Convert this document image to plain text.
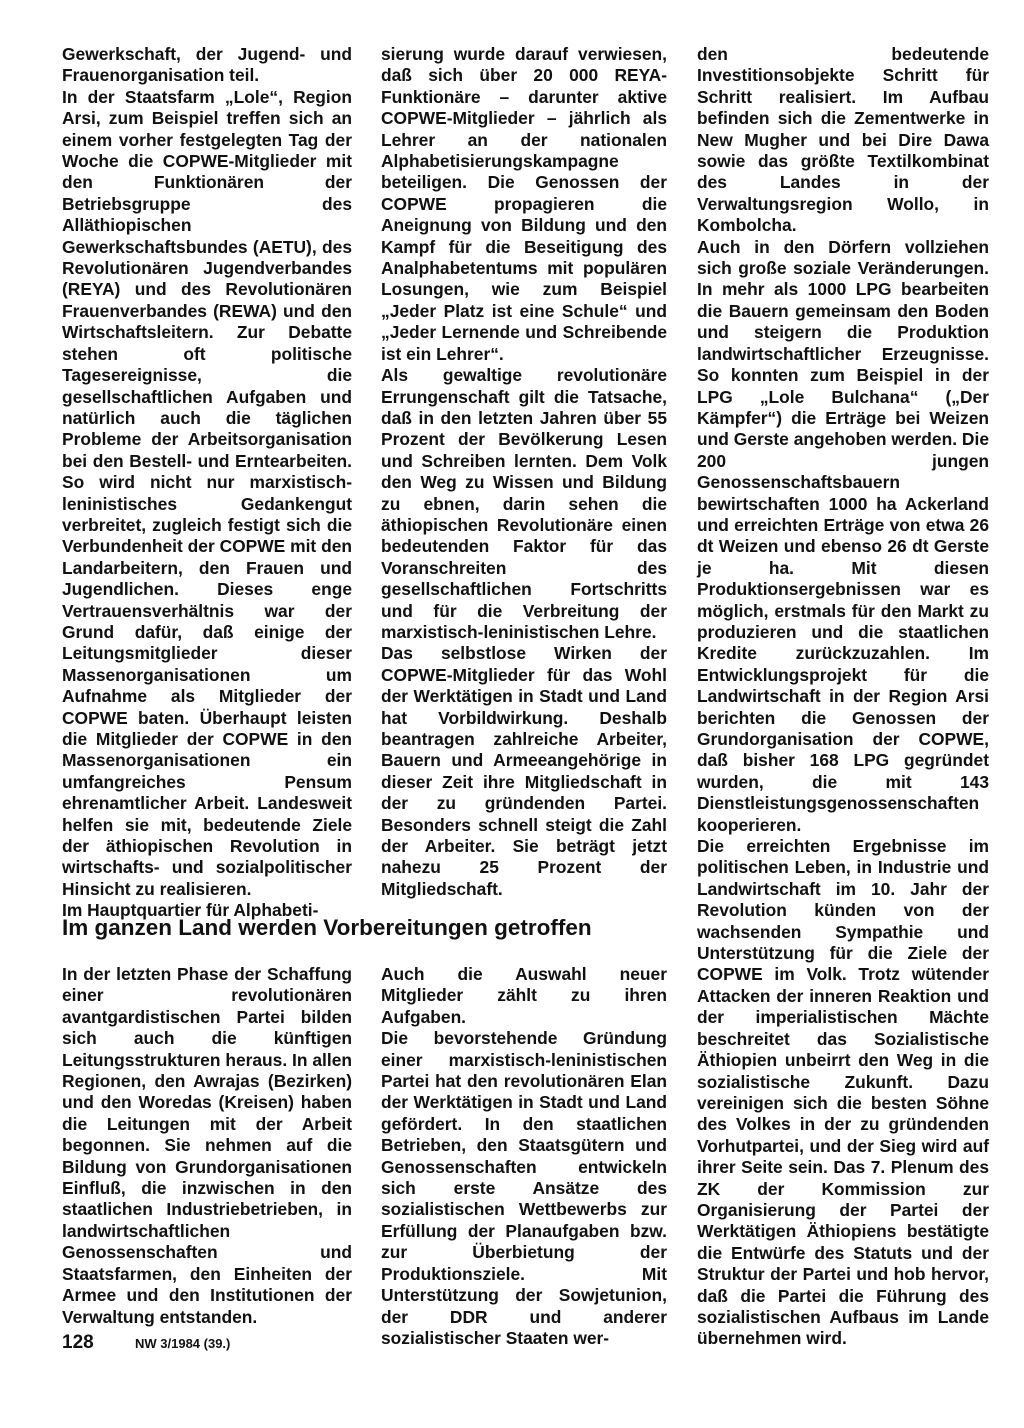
Gewerkschaft, der Jugend- und Frauenorganisation teil.

In der Staatsfarm „Lole“, Region Arsi, zum Beispiel treffen sich an einem vorher festgelegten Tag der Woche die COPWE-Mitglieder mit den Funktionären der Betriebsgruppe des Alläthiopischen Gewerkschaftsbundes (AETU), des Revolutionären Jugendverbandes (REYA) und des Revolutionären Frauenverbandes (REWA) und den Wirtschaftsleitern. Zur Debatte stehen oft politische Tagesereignisse, die gesellschaftlichen Aufgaben und natürlich auch die täglichen Probleme der Arbeitsorganisation bei den Bestell- und Erntearbeiten. So wird nicht nur marxistisch-leninistisches Gedankengut verbreitet, zugleich festigt sich die Verbundenheit der COPWE mit den Landarbeitern, den Frauen und Jugendlichen. Dieses enge Vertrauensverhältnis war der Grund dafür, daß einige der Leitungsmitglieder dieser Massenorganisationen um Aufnahme als Mitglieder der COPWE baten. Überhaupt leisten die Mitglieder der COPWE in den Massenorganisationen ein umfangreiches Pensum ehrenamtlicher Arbeit. Landesweit helfen sie mit, bedeutende Ziele der äthiopischen Revolution in wirtschafts- und sozialpolitischer Hinsicht zu realisieren.

Im Hauptquartier für Alphabeti-

sierung wurde darauf verwiesen, daß sich über 20 000 REYA-Funktionäre – darunter aktive COPWE-Mitglieder – jährlich als Lehrer an der nationalen Alphabetisierungskampagne beteiligen. Die Genossen der COPWE propagieren die Aneignung von Bildung und den Kampf für die Beseitigung des Analphabetentums mit populären Losungen, wie zum Beispiel „Jeder Platz ist eine Schule“ und „Jeder Lernende und Schreibende ist ein Lehrer“.

Als gewaltige revolutionäre Errungenschaft gilt die Tatsache, daß in den letzten Jahren über 55 Prozent der Bevölkerung Lesen und Schreiben lernten. Dem Volk den Weg zu Wissen und Bildung zu ebnen, darin sehen die äthiopischen Revolutionäre einen bedeutenden Faktor für das Voranschreiten des gesellschaftlichen Fortschritts und für die Verbreitung der marxistisch-leninistischen Lehre.

Das selbstlose Wirken der COPWE-Mitglieder für das Wohl der Werktätigen in Stadt und Land hat Vorbildwirkung. Deshalb beantragen zahlreiche Arbeiter, Bauern und Armeeangehörige in dieser Zeit ihre Mitgliedschaft in der zu gründenden Partei. Besonders schnell steigt die Zahl der Arbeiter. Sie beträgt jetzt nahezu 25 Prozent der Mitgliedschaft.

den bedeutende Investitionsobjekte Schritt für Schritt realisiert. Im Aufbau befinden sich die Zementwerke in New Mugher und bei Dire Dawa sowie das größte Textilkombinat des Landes in der Verwaltungsregion Wollo, in Kombolcha.

Auch in den Dörfern vollziehen sich große soziale Veränderungen. In mehr als 1000 LPG bearbeiten die Bauern gemeinsam den Boden und steigern die Produktion landwirtschaftlicher Erzeugnisse. So konnten zum Beispiel in der LPG „Lole Bulchana“ („Der Kämpfer“) die Erträge bei Weizen und Gerste angehoben werden. Die 200 jungen Genossenschaftsbauern bewirtschaften 1000 ha Ackerland und erreichten Erträge von etwa 26 dt Weizen und ebenso 26 dt Gerste je ha. Mit diesen Produktionsergebnissen war es möglich, erstmals für den Markt zu produzieren und die staatlichen Kredite zurückzuzahlen. Im Entwicklungsprojekt für die Landwirtschaft in der Region Arsi berichten die Genossen der Grundorganisation der COPWE, daß bisher 168 LPG gegründet wurden, die mit 143 Dienstleistungsgenossenschaften kooperieren.

Die erreichten Ergebnisse im politischen Leben, in Industrie und Landwirtschaft im 10. Jahr der Revolution künden von der wachsenden Sympathie und Unterstützung für die Ziele der COPWE im Volk. Trotz wütender Attacken der inneren Reaktion und der imperialistischen Mächte beschreitet das Sozialistische Äthiopien unbeirrt den Weg in die sozialistische Zukunft. Dazu vereinigen sich die besten Söhne des Volkes in der zu gründenden Vorhutpartei, und der Sieg wird auf ihrer Seite sein. Das 7. Plenum des ZK der Kommission zur Organisierung der Partei der Werktätigen Äthiopiens bestätigte die Entwürfe des Statuts und der Struktur der Partei und hob hervor, daß die Partei die Führung des sozialistischen Aufbaus im Lande übernehmen wird.

Im ganzen Land werden Vorbereitungen getroffen

In der letzten Phase der Schaffung einer revolutionären avantgardistischen Partei bilden sich auch die künftigen Leitungsstrukturen heraus. In allen Regionen, den Awrajas (Bezirken) und den Woredas (Kreisen) haben die Leitungen mit der Arbeit begonnen. Sie nehmen auf die Bildung von Grundorganisationen Einfluß, die inzwischen in den staatlichen Industriebetrieben, in landwirtschaftlichen Genossenschaften und Staatsfarmen, den Einheiten der Armee und den Institutionen der Verwaltung entstanden.

Auch die Auswahl neuer Mitglieder zählt zu ihren Aufgaben.

Die bevorstehende Gründung einer marxistisch-leninistischen Partei hat den revolutionären Elan der Werktätigen in Stadt und Land gefördert. In den staatlichen Betrieben, den Staatsgütern und Genossenschaften entwickeln sich erste Ansätze des sozialistischen Wettbewerbs zur Erfüllung der Planaufgaben bzw. zur Überbietung der Produktionsziele. Mit Unterstützung der Sowjetunion, der DDR und anderer sozialistischer Staaten wer-

128	NW 3/1984 (39.)
